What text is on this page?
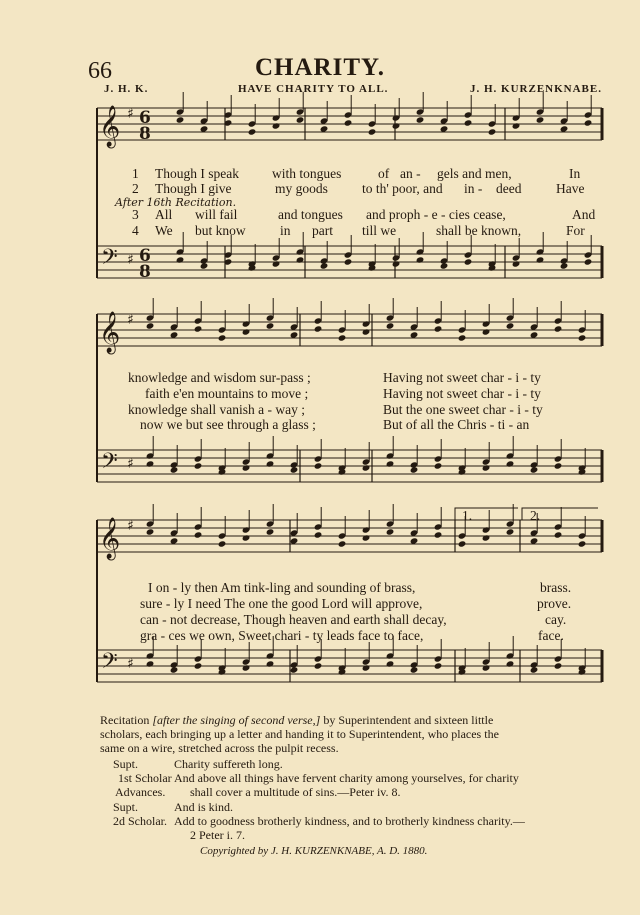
66	CHARITY.
J. H. K.	HAVE CHARITY TO ALL.	J. H. KURZENKNABE.
𝄞
𝄢
♯
♯
6
6
8
8
𝄞
𝄢
♯
♯
𝄞
𝄢
♯
♯
1 Though I speak with tongues	of an - gels and men,	In
2 Though I give	my goods	to th' poor, and in - deed	Have
After 16th Recitation.
3 All will fail	and tongues and proph - e - cies cease,	And
4 We but know	in part till we	shall be known,	For
knowledge and wisdom sur-pass ;	Having not sweet char - i - ty
faith e'en mountains to move ;	Having not sweet char - i - ty
knowledge shall vanish a - way ;	But the one sweet char - i - ty
now we but see through a glass ;	But of all the Chris - ti - an
1.	2.
I on - ly then Am tink-ling and sounding of brass,	brass.
sure - ly I need The one the good Lord will approve,	prove.
can - not decrease, Though heaven and earth shall decay,	cay.
gra - ces we own, Sweet chari - ty leads face to face,	face.
Recitation [after the singing of second verse,] by Superintendent and sixteen little
scholars, each bringing up a letter and handing it to Superintendent, who places the
same on a wire, stretched across the pulpit recess.
Supt.	Charity suffereth long.
1st Scholar And above all things have fervent charity among yourselves, for charity
Advances. shall cover a multitude of sins.—Peter iv. 8.
Supt.	And is kind.
2d Scholar. Add to goodness brotherly kindness, and to brotherly kindness charity.—
2 Peter i. 7.
Copyrighted by J. H. KURZENKNABE, A. D. 1880.
